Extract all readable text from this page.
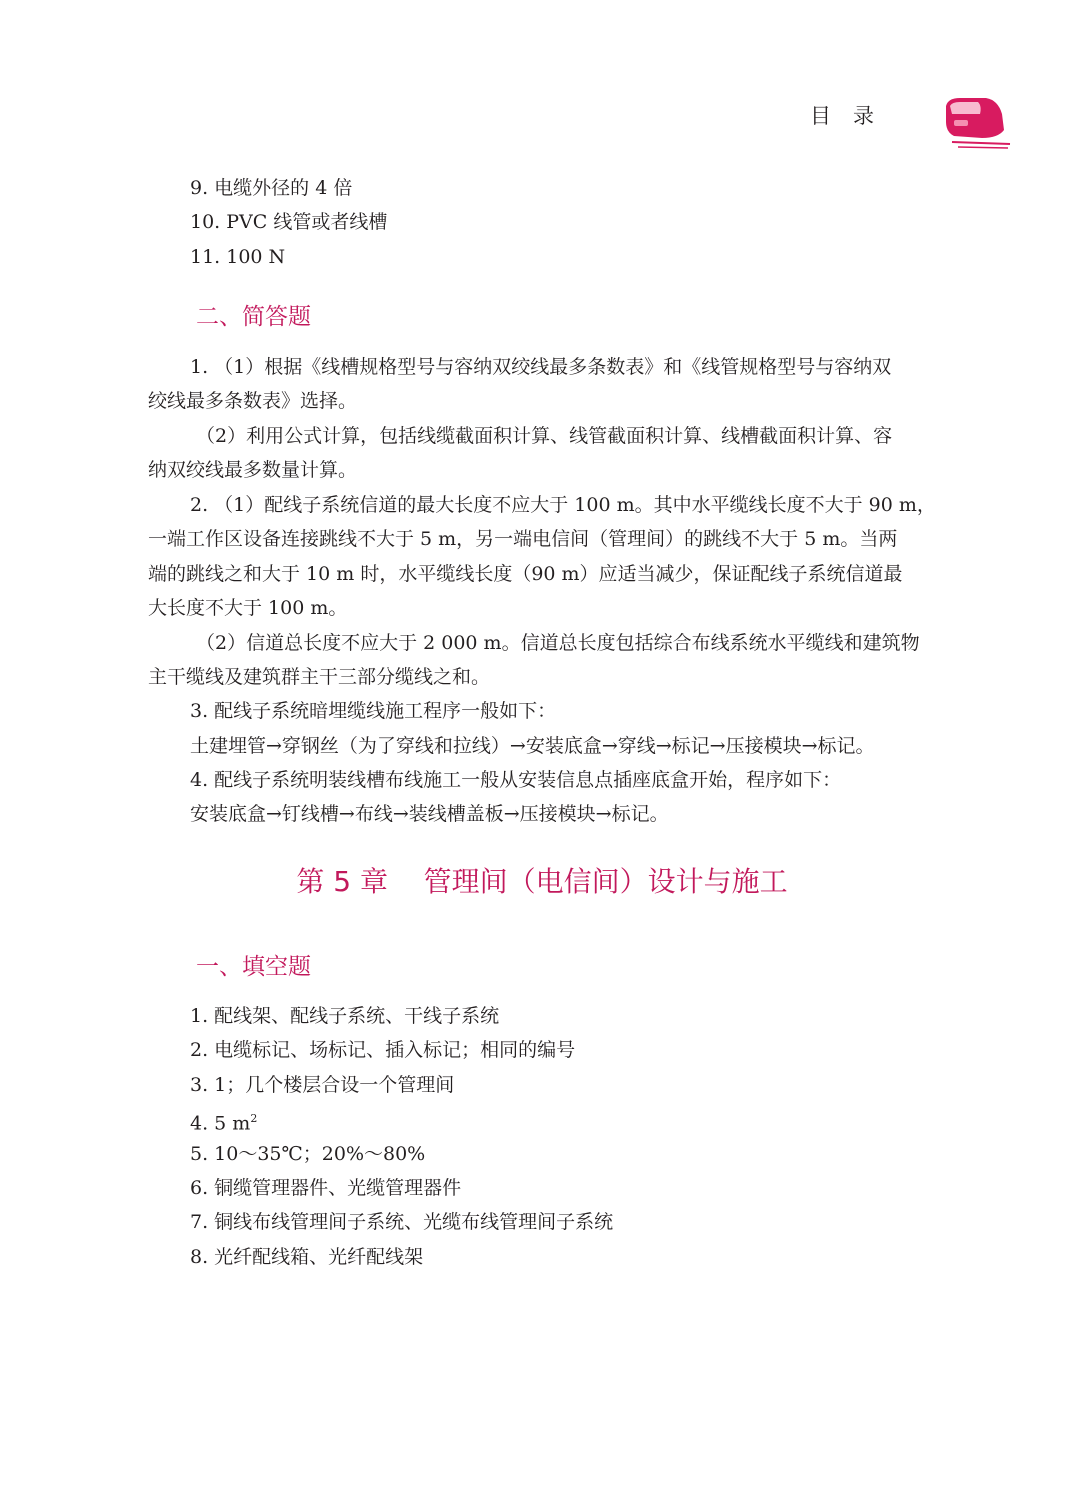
目录
9. 电缆外径的 4 倍
10. PVC 线管或者线槽
11. 100 N
二、简答题
1. （1）根据《线槽规格型号与容纳双绞线最多条数表》和《线管规格型号与容纳双
绞线最多条数表》选择。
（2）利用公式计算，包括线缆截面积计算、线管截面积计算、线槽截面积计算、容
纳双绞线最多数量计算。
2. （1）配线子系统信道的最大长度不应大于 100 m。其中水平缆线长度不大于 90 m，
一端工作区设备连接跳线不大于 5 m，另一端电信间（管理间）的跳线不大于 5 m。当两
端的跳线之和大于 10 m 时，水平缆线长度（90 m）应适当减少，保证配线子系统信道最
大长度不大于 100 m。
（2）信道总长度不应大于 2 000 m。信道总长度包括综合布线系统水平缆线和建筑物
主干缆线及建筑群主干三部分缆线之和。
3. 配线子系统暗埋缆线施工程序一般如下：
土建埋管→穿钢丝（为了穿线和拉线）→安装底盒→穿线→标记→压接模块→标记。
4. 配线子系统明装线槽布线施工一般从安装信息点插座底盒开始，程序如下：
安装底盒→钉线槽→布线→装线槽盖板→压接模块→标记。
第 5 章    管理间（电信间）设计与施工
一、填空题
1. 配线架、配线子系统、干线子系统
2. 电缆标记、场标记、插入标记；相同的编号
3. 1；几个楼层合设一个管理间
4. 5 $m^2$
5. 10～35℃；20%～80%
6. 铜缆管理器件、光缆管理器件
7. 铜线布线管理间子系统、光缆布线管理间子系统
8. 光纤配线箱、光纤配线架
